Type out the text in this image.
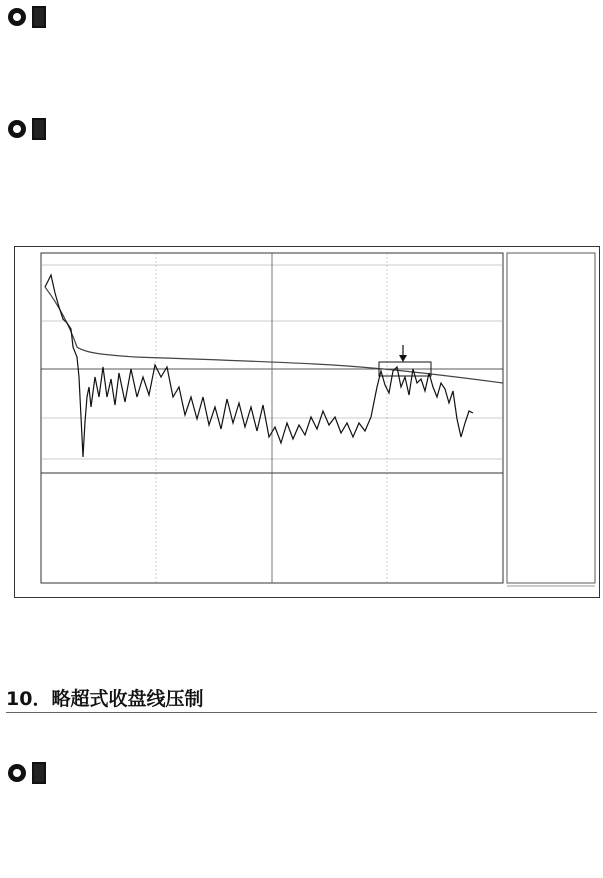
10．略超式收盘线压制
